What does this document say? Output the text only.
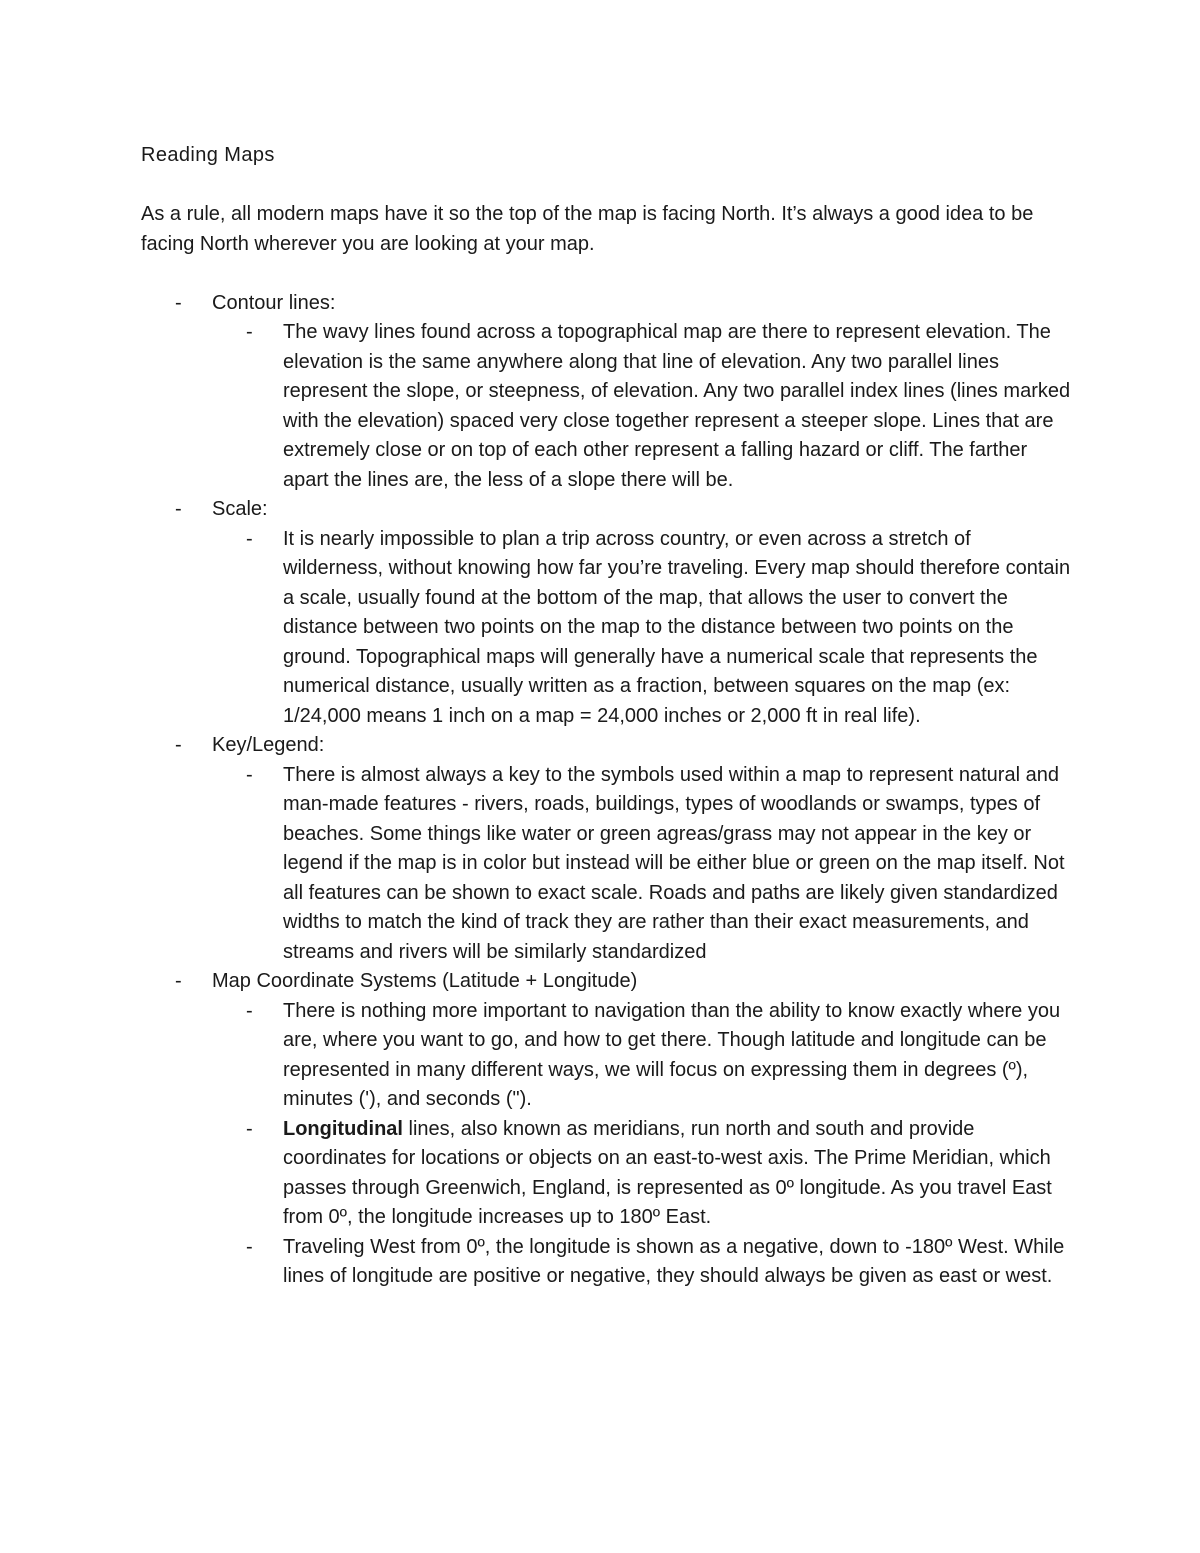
Reading Maps

As a rule, all modern maps have it so the top of the map is facing North. It’s always a good idea to be facing North wherever you are looking at your map.

- Contour lines:
- The wavy lines found across a topographical map are there to represent elevation. The elevation is the same anywhere along that line of elevation. Any two parallel lines represent the slope, or steepness, of elevation. Any two parallel index lines (lines marked with the elevation) spaced very close together represent a steeper slope. Lines that are extremely close or on top of each other represent a falling hazard or cliff. The farther apart the lines are, the less of a slope there will be.
- Scale:
- It is nearly impossible to plan a trip across country, or even across a stretch of wilderness, without knowing how far you’re traveling. Every map should therefore contain a scale, usually found at the bottom of the map, that allows the user to convert the distance between two points on the map to the distance between two points on the ground. Topographical maps will generally have a numerical scale that represents the numerical distance, usually written as a fraction, between squares on the map (ex: 1/24,000 means 1 inch on a map = 24,000 inches or 2,000 ft in real life).
- Key/Legend:
- There is almost always a key to the symbols used within a map to represent natural and man-made features - rivers, roads, buildings, types of woodlands or swamps, types of beaches. Some things like water or green agreas/grass may not appear in the key or legend if the map is in color but instead will be either blue or green on the map itself. Not all features can be shown to exact scale. Roads and paths are likely given standardized widths to match the kind of track they are rather than their exact measurements, and streams and rivers will be similarly standardized
- Map Coordinate Systems (Latitude + Longitude)
- There is nothing more important to navigation than the ability to know exactly where you are, where you want to go, and how to get there. Though latitude and longitude can be represented in many different ways, we will focus on expressing them in degrees (º), minutes ('), and seconds (").
- Longitudinal lines, also known as meridians, run north and south and provide coordinates for locations or objects on an east-to-west axis. The Prime Meridian, which passes through Greenwich, England, is represented as 0º longitude. As you travel East from 0º, the longitude increases up to 180º East.
- Traveling West from 0º, the longitude is shown as a negative, down to -180º West. While lines of longitude are positive or negative, they should always be given as east or west.
